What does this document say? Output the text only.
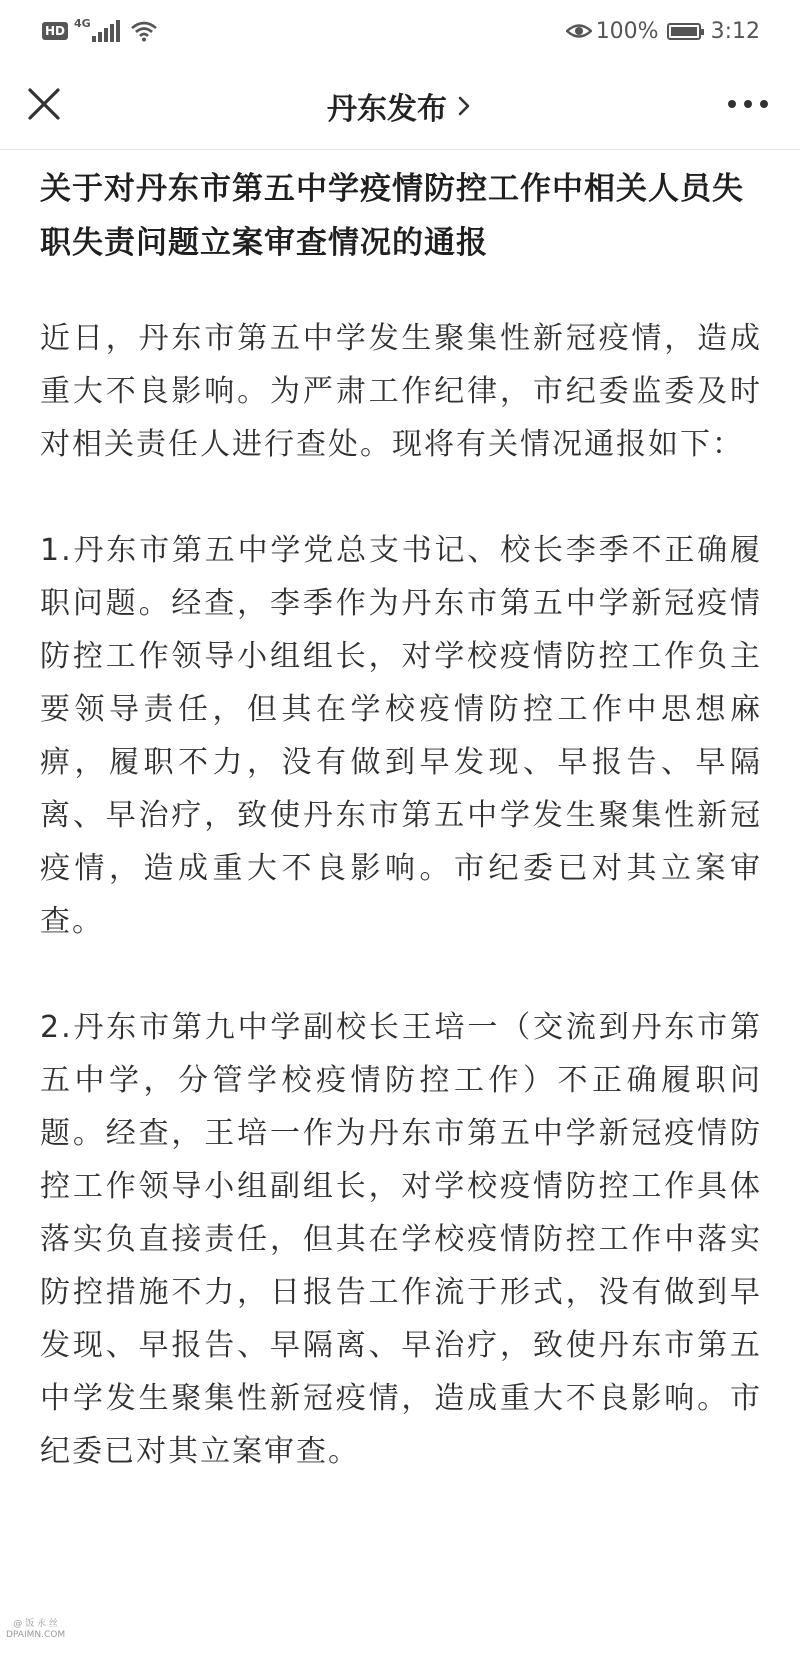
HD
4G	100% 3:12
丹东发布
关于对丹东市第五中学疫情防控工作中相关人员失职失责问题立案审查情况的通报

近日，丹东市第五中学发生聚集性新冠疫情，造成重大不良影响。为严肃工作纪律，市纪委监委及时对相关责任人进行查处。现将有关情况通报如下：

1.丹东市第五中学党总支书记、校长李季不正确履职问题。经查，李季作为丹东市第五中学新冠疫情防控工作领导小组组长，对学校疫情防控工作负主要领导责任，但其在学校疫情防控工作中思想麻痹，履职不力，没有做到早发现、早报告、早隔离、早治疗，致使丹东市第五中学发生聚集性新冠疫情，造成重大不良影响。市纪委已对其立案审查。

2.丹东市第九中学副校长王培一（交流到丹东市第五中学，分管学校疫情防控工作）不正确履职问题。经查，王培一作为丹东市第五中学新冠疫情防控工作领导小组副组长，对学校疫情防控工作具体落实负直接责任，但其在学校疫情防控工作中落实防控措施不力，日报告工作流于形式，没有做到早发现、早报告、早隔离、早治疗，致使丹东市第五中学发生聚集性新冠疫情，造成重大不良影响。市纪委已对其立案审查。

@ 饭 永 丝
DPAIMN.COM
